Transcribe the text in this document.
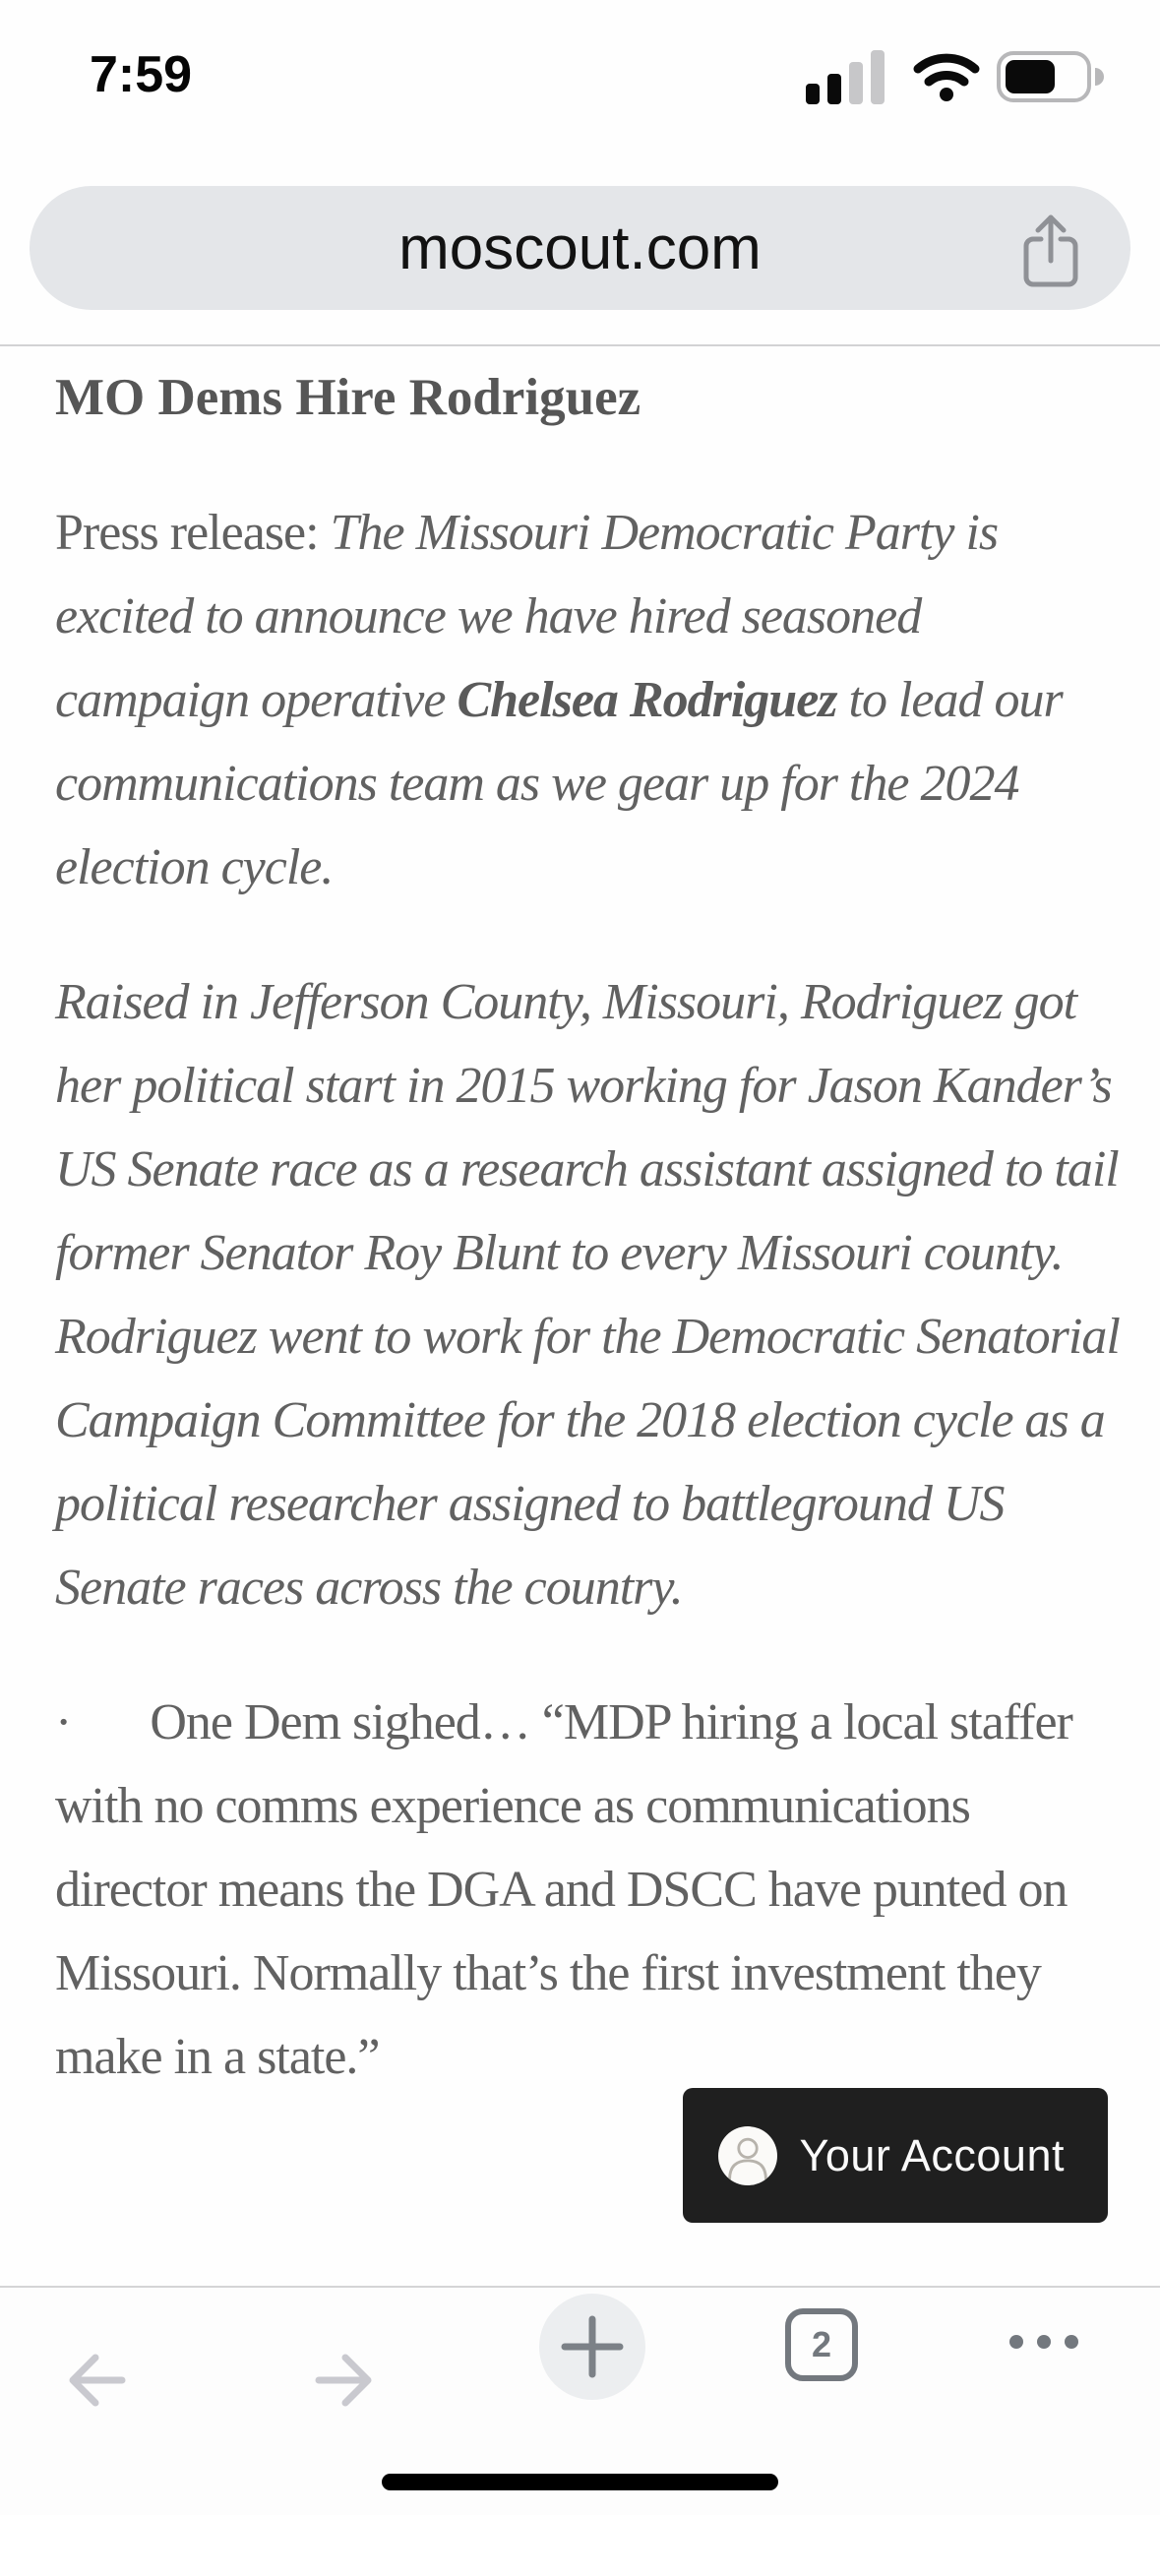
7:59
moscout.com
MO Dems Hire Rodriguez

Press release: The Missouri Democratic Party is excited to announce we have hired seasoned campaign operative Chelsea Rodriguez to lead our communications team as we gear up for the 2024 election cycle.

Raised in Jefferson County, Missouri, Rodriguez got her political start in 2015 working for Jason Kander’s US Senate race as a research assistant assigned to tail former Senator Roy Blunt to every Missouri county. Rodriguez went to work for the Democratic Senatorial Campaign Committee for the 2018 election cycle as a political researcher assigned to battleground US Senate races across the country.

· One Dem sighed… “MDP hiring a local staffer with no comms experience as communications director means the DGA and DSCC have punted on Missouri. Normally that’s the first investment they make in a state.”

Your Account
2
